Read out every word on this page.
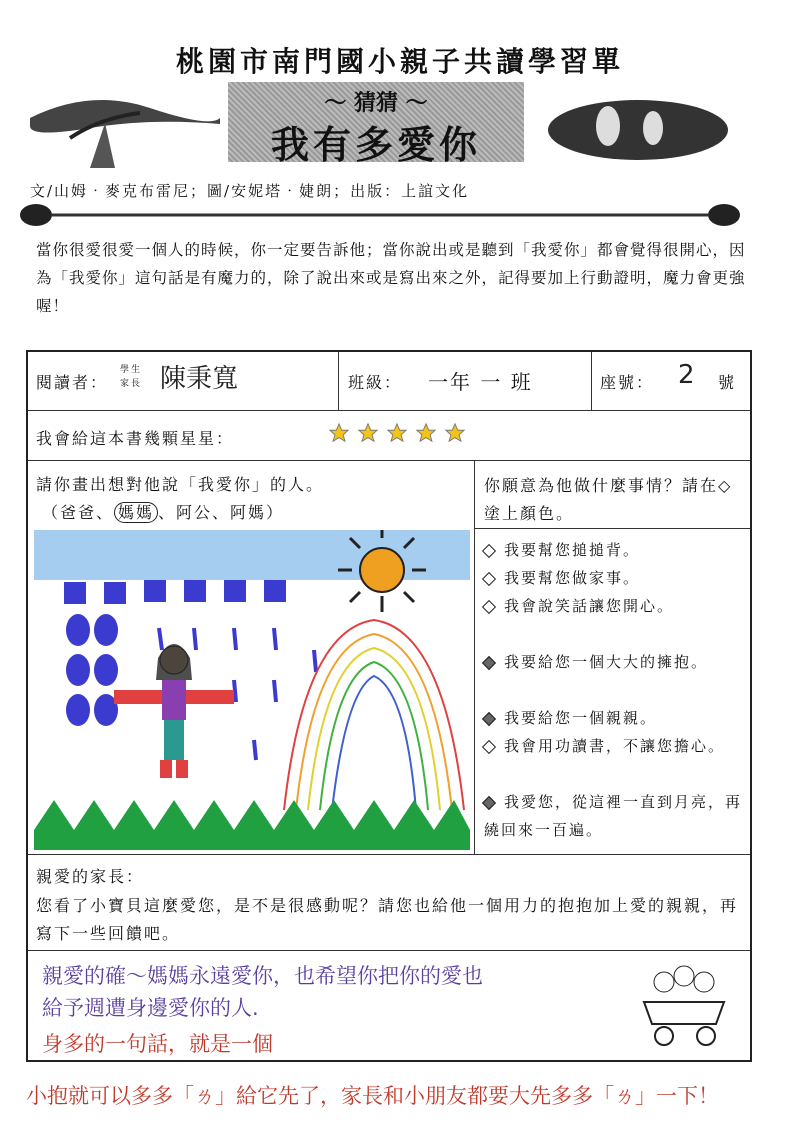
桃園市南門國小親子共讀學習單
～ 猜猜 ～
我有多愛你
文/山姆‧麥克布雷尼；圖/安妮塔‧婕朗；出版：上誼文化
當你很愛很愛一個人的時候，你一定要告訴他；當你說出或是聽到「我愛你」都會覺得很開心，因為「我愛你」這句話是有魔力的，除了說出來或是寫出來之外，記得要加上行動證明，魔力會更強喔！
閱讀者：
學生
家長 陳秉寬	班級： 一年 一 班	座號： 2 號
我會給這本書幾顆星星：

請你畫出想對他說「我愛你」的人。
（爸爸、 媽媽 、阿公、阿媽）
你願意為他做什麼事情？請在◇塗上顏色。
我要幫您搥搥背。
我要幫您做家事。
我會說笑話讓您開心。
我要給您一個大大的擁抱。
我要給您一個親親。
我會用功讀書，不讓您擔心。
我愛您，從這裡一直到月亮，再繞回來一百遍。
親愛的家長：
您看了小寶貝這麼愛您，是不是很感動呢？請您也給他一個用力的抱抱加上愛的親親，再寫下一些回饋吧。
親愛的確～媽媽永遠愛你，也希望你把你的愛也
給予週遭身邊愛你的人.
身多的一句話，就是一個
小抱就可以多多「ㄌ」給它先了，家長和小朋友都要大先多多「ㄌ」一下！
